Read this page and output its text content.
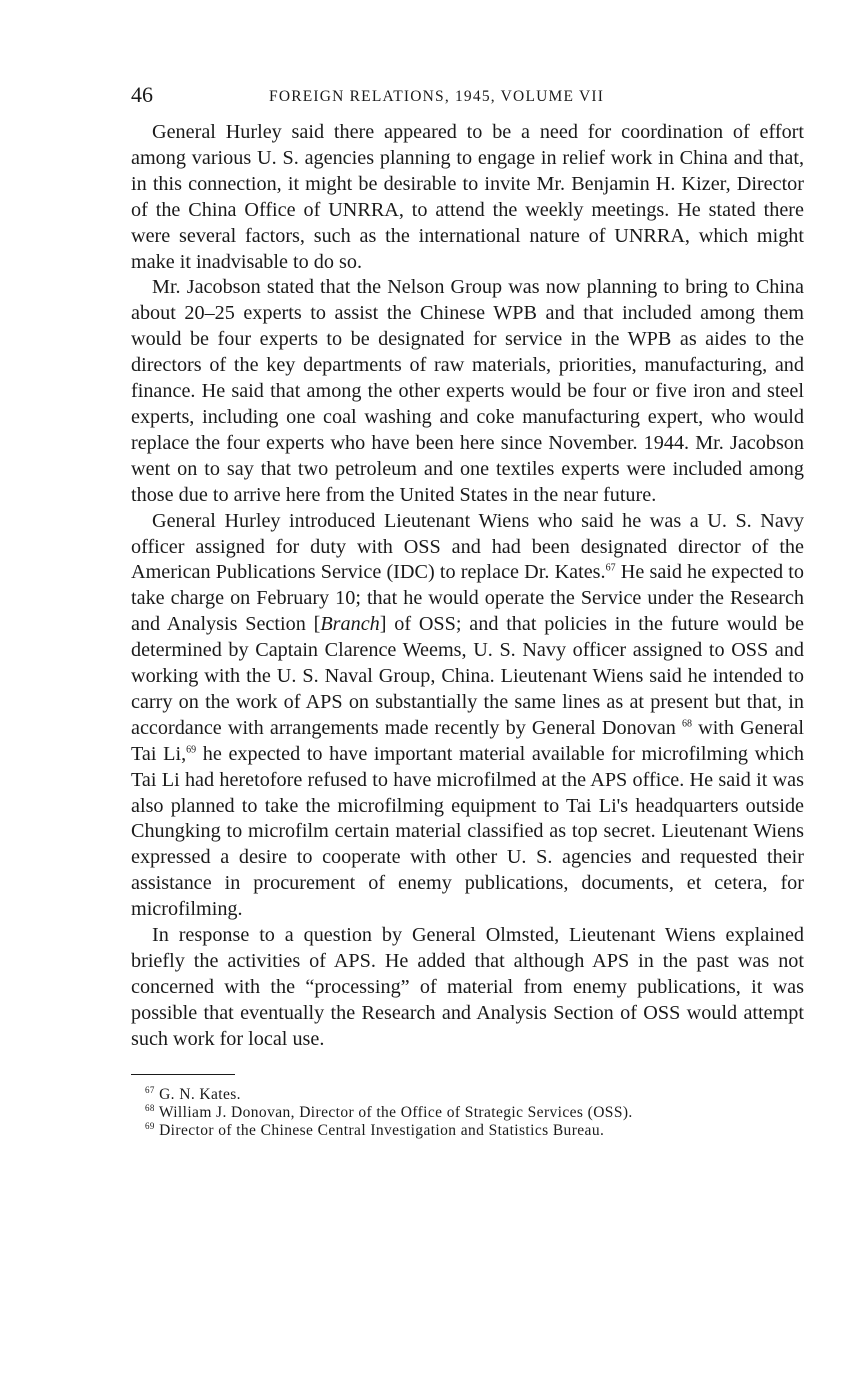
46	FOREIGN RELATIONS, 1945, VOLUME VII

General Hurley said there appeared to be a need for coordination of effort among various U. S. agencies planning to engage in relief work in China and that, in this connection, it might be desirable to invite Mr. Benjamin H. Kizer, Director of the China Office of UNRRA, to attend the weekly meetings. He stated there were several factors, such as the international nature of UNRRA, which might make it inadvisable to do so.

Mr. Jacobson stated that the Nelson Group was now planning to bring to China about 20–25 experts to assist the Chinese WPB and that included among them would be four experts to be designated for service in the WPB as aides to the directors of the key departments of raw materials, priorities, manufacturing, and finance. He said that among the other experts would be four or five iron and steel experts, including one coal washing and coke manufacturing expert, who would replace the four experts who have been here since November. 1944. Mr. Jacobson went on to say that two petroleum and one textiles experts were included among those due to arrive here from the United States in the near future.

General Hurley introduced Lieutenant Wiens who said he was a U. S. Navy officer assigned for duty with OSS and had been designated director of the American Publications Service (IDC) to replace Dr. Kates.$^{67}$ He said he expected to take charge on February 10; that he would operate the Service under the Research and Analysis Section [Branch] of OSS; and that policies in the future would be determined by Captain Clarence Weems, U. S. Navy officer assigned to OSS and working with the U. S. Naval Group, China. Lieutenant Wiens said he intended to carry on the work of APS on substantially the same lines as at present but that, in accordance with arrangements made recently by General Donovan $^{68}$ with General Tai Li,$^{69}$ he expected to have important material available for microfilming which Tai Li had heretofore refused to have microfilmed at the APS office. He said it was also planned to take the microfilming equipment to Tai Li's headquarters outside Chungking to microfilm certain material classified as top secret. Lieutenant Wiens expressed a desire to cooperate with other U. S. agencies and requested their assistance in procurement of enemy publications, documents, et cetera, for microfilming.

In response to a question by General Olmsted, Lieutenant Wiens explained briefly the activities of APS. He added that although APS in the past was not concerned with the “processing” of material from enemy publications, it was possible that eventually the Research and Analysis Section of OSS would attempt such work for local use.

$^{67}$ G. N. Kates.
$^{68}$ William J. Donovan, Director of the Office of Strategic Services (OSS).
$^{69}$ Director of the Chinese Central Investigation and Statistics Bureau.
